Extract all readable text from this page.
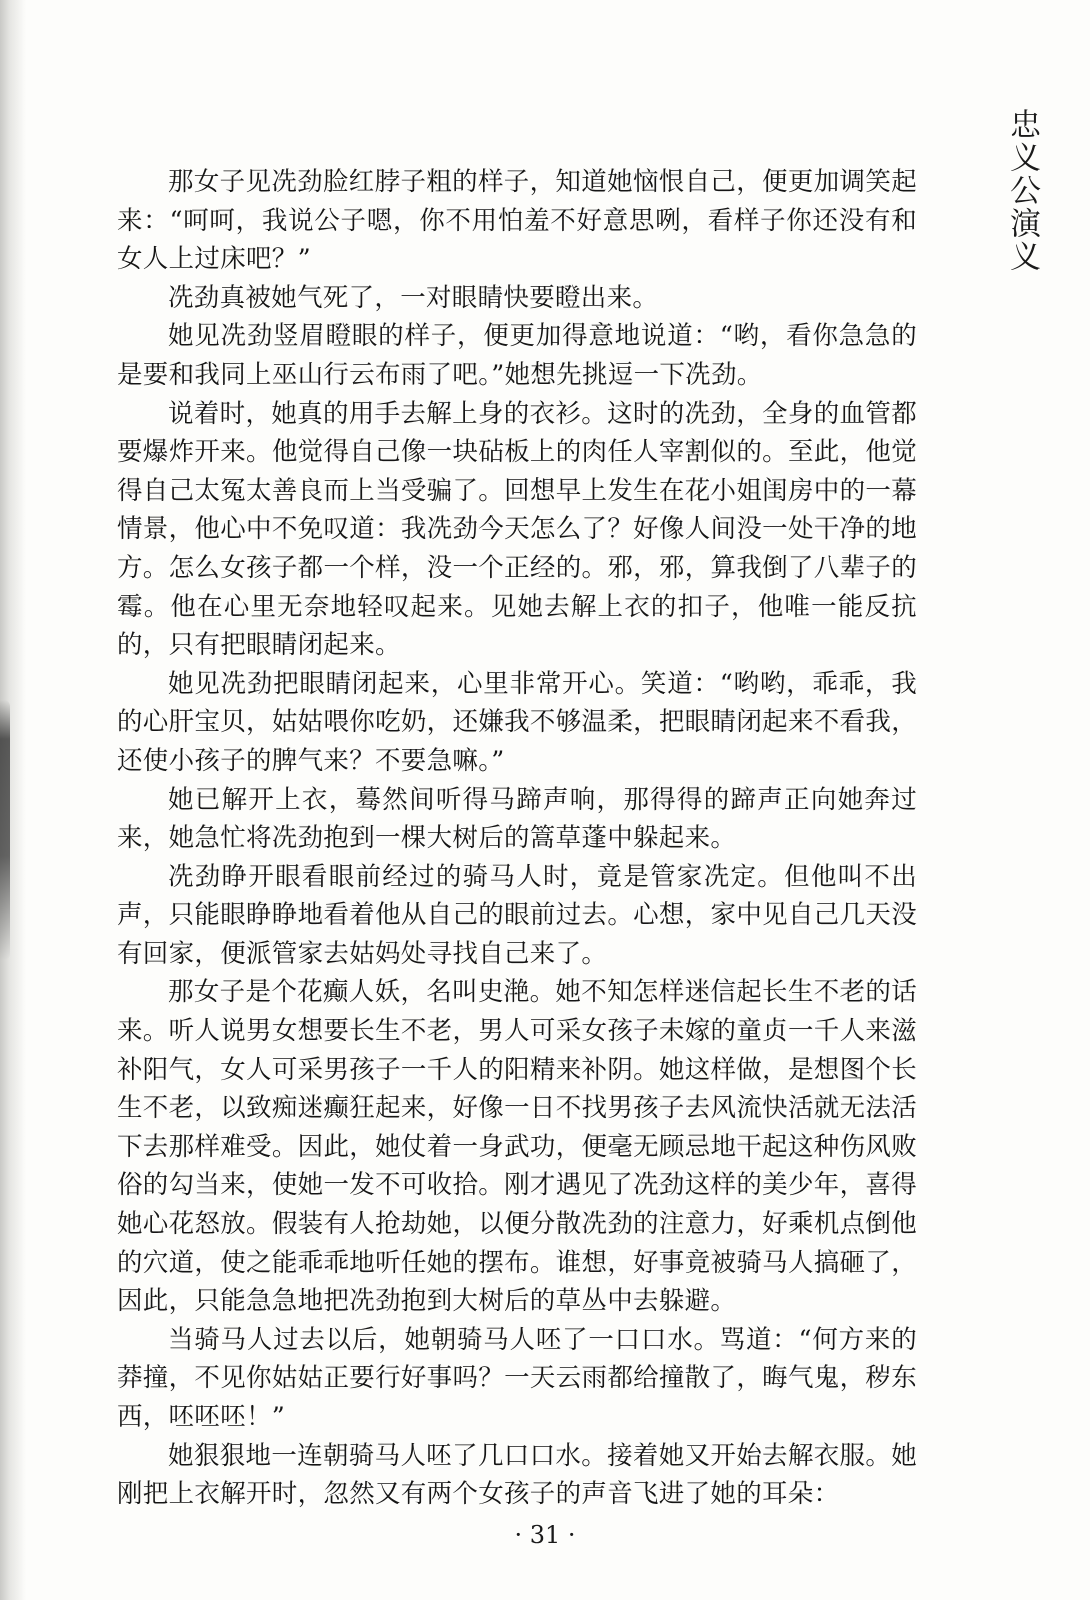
忠义公演义

那女子见冼劲脸红脖子粗的样子，知道她恼恨自己，便更加调笑起来：“呵呵，我说公子嗯，你不用怕羞不好意思咧，看样子你还没有和女人上过床吧？”

冼劲真被她气死了，一对眼睛快要瞪出来。

她见冼劲竖眉瞪眼的样子，便更加得意地说道：“哟，看你急急的是要和我同上巫山行云布雨了吧。”她想先挑逗一下冼劲。

说着时，她真的用手去解上身的衣衫。这时的冼劲，全身的血管都要爆炸开来。他觉得自己像一块砧板上的肉任人宰割似的。至此，他觉得自己太冤太善良而上当受骗了。回想早上发生在花小姐闺房中的一幕情景，他心中不免叹道：我冼劲今天怎么了？好像人间没一处干净的地方。怎么女孩子都一个样，没一个正经的。邪，邪，算我倒了八辈子的霉。他在心里无奈地轻叹起来。见她去解上衣的扣子，他唯一能反抗的，只有把眼睛闭起来。

她见冼劲把眼睛闭起来，心里非常开心。笑道：“哟哟，乖乖，我的心肝宝贝，姑姑喂你吃奶，还嫌我不够温柔，把眼睛闭起来不看我，还使小孩子的脾气来？不要急嘛。”

她已解开上衣，蓦然间听得马蹄声响，那得得的蹄声正向她奔过来，她急忙将冼劲抱到一棵大树后的篙草蓬中躲起来。

冼劲睁开眼看眼前经过的骑马人时，竟是管家冼定。但他叫不出声，只能眼睁睁地看着他从自己的眼前过去。心想，家中见自己几天没有回家，便派管家去姑妈处寻找自己来了。

那女子是个花癫人妖，名叫史滟。她不知怎样迷信起长生不老的话来。听人说男女想要长生不老，男人可采女孩子未嫁的童贞一千人来滋补阳气，女人可采男孩子一千人的阳精来补阴。她这样做，是想图个长生不老，以致痴迷癫狂起来，好像一日不找男孩子去风流快活就无法活下去那样难受。因此，她仗着一身武功，便毫无顾忌地干起这种伤风败俗的勾当来，使她一发不可收拾。刚才遇见了冼劲这样的美少年，喜得她心花怒放。假装有人抢劫她，以便分散冼劲的注意力，好乘机点倒他的穴道，使之能乖乖地听任她的摆布。谁想，好事竟被骑马人搞砸了，因此，只能急急地把冼劲抱到大树后的草丛中去躲避。

当骑马人过去以后，她朝骑马人呸了一口口水。骂道：“何方来的莽撞，不见你姑姑正要行好事吗？一天云雨都给撞散了，晦气鬼，秽东西，呸呸呸！”

她狠狠地一连朝骑马人呸了几口口水。接着她又开始去解衣服。她刚把上衣解开时，忽然又有两个女孩子的声音飞进了她的耳朵：

· 31 ·
